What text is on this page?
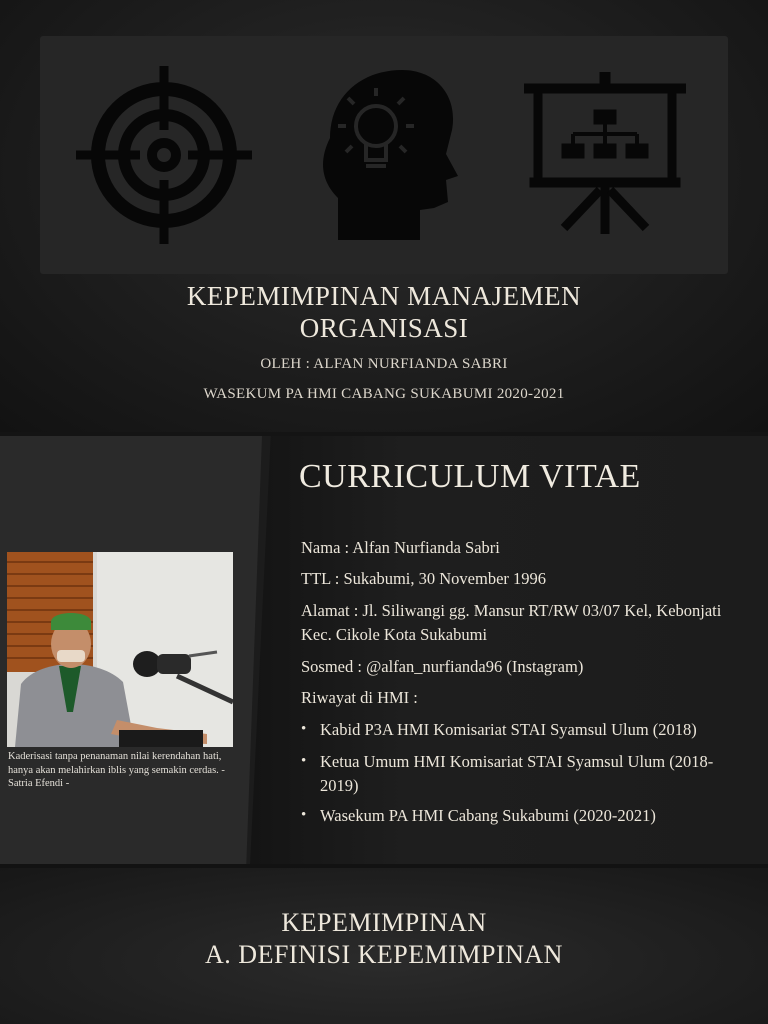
KEPEMIMPINAN MANAJEMEN
ORGANISASI
OLEH : ALFAN NURFIANDA SABRI
WASEKUM PA HMI CABANG SUKABUMI 2020-2021
Kaderisasi tanpa penanaman nilai kerendahan hati, hanya akan melahirkan iblis yang semakin cerdas. - Satria Efendi -
CURRICULUM VITAE
Nama : Alfan Nurfianda Sabri
TTL : Sukabumi, 30 November 1996
Alamat : Jl. Siliwangi gg. Mansur RT/RW 03/07 Kel, Kebonjati Kec. Cikole Kota Sukabumi
Sosmed : @alfan_nurfianda96 (Instagram)
Riwayat di HMI :
• Kabid P3A HMI Komisariat STAI Syamsul Ulum (2018)
• Ketua Umum HMI Komisariat STAI Syamsul Ulum (2018-2019)
• Wasekum PA HMI Cabang Sukabumi (2020-2021)
KEPEMIMPINAN
A. DEFINISI KEPEMIMPINAN
